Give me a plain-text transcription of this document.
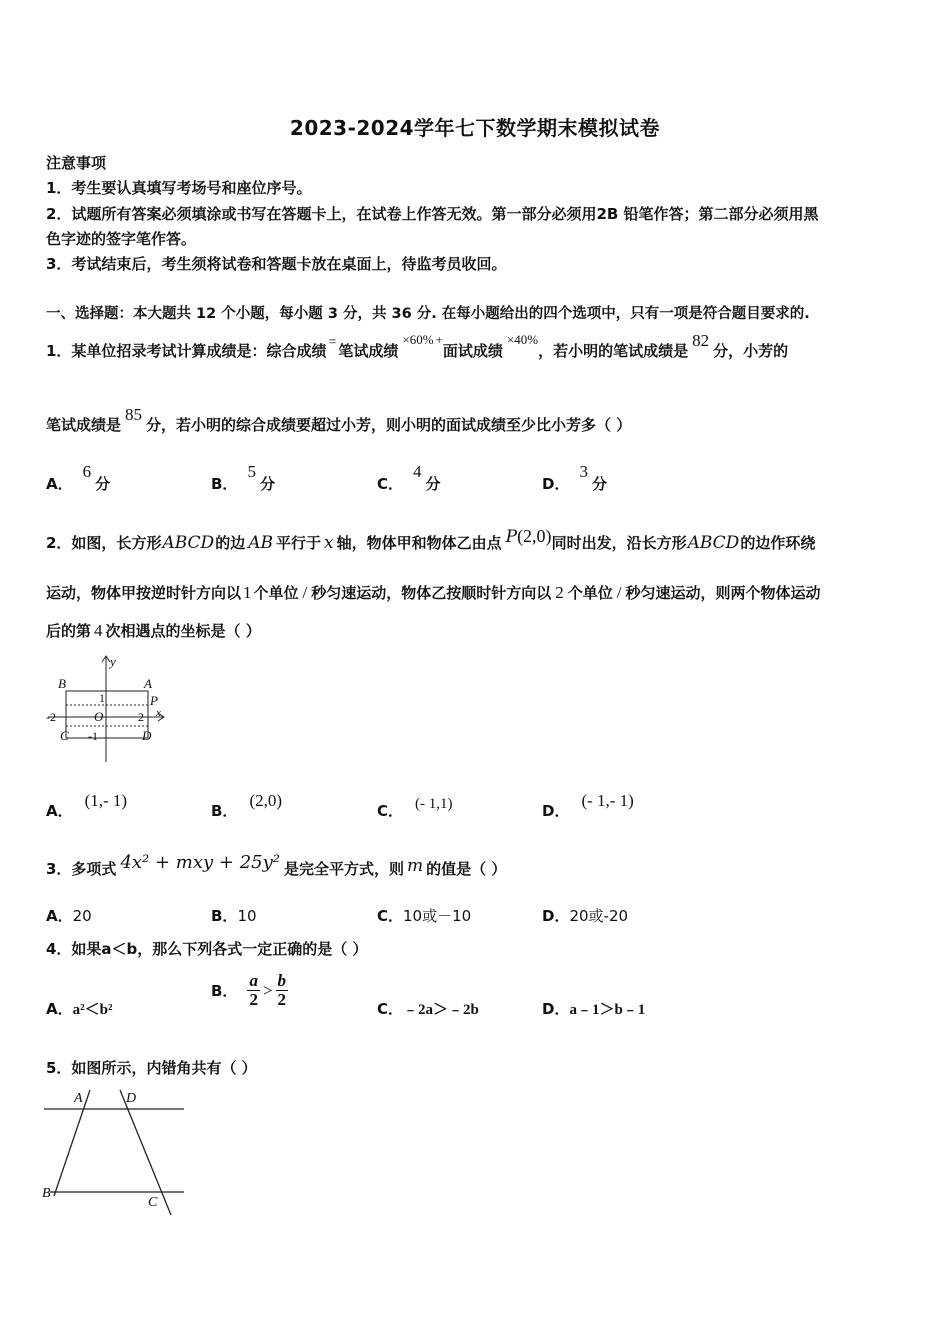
2023-2024学年七下数学期末模拟试卷
注意事项
1．考生要认真填写考场号和座位序号。
2．试题所有答案必须填涂或书写在答题卡上，在试卷上作答无效。第一部分必须用2B 铅笔作答；第二部分必须用黑
色字迹的签字笔作答。
3．考试结束后，考生须将试卷和答题卡放在桌面上，待监考员收回。
一、选择题：本大题共 12 个小题，每小题 3 分，共 36 分. 在每小题给出的四个选项中，只有一项是符合题目要求的.
1．某单位招录考试计算成绩是：综合成绩 = 笔试成绩×60% +面试成绩×40%，若小明的笔试成绩是82分，小芳的
笔试成绩是85分，若小明的综合成绩要超过小芳，则小明的面试成绩至少比小芳多（ ）
A．6分	B．5分	C．4分	D．3分
2．如图，长方形ABCD的边 AB 平行于 x 轴，物体甲和物体乙由点 P(2,0)同时出发，沿长方形ABCD的边作环绕
运动，物体甲按逆时针方向以 1 个单位 / 秒匀速运动，物体乙按顺时针方向以 2 个单位 / 秒匀速运动，则两个物体运动
后的第 4 次相遇点的坐标是（ ）
y
x
B	A
P
C	D
O
1
-1
2
-2
A．(1,- 1)
B．(2,0)
C． (- 1,1)	D．(- 1,- 1)
3．多项式 4x² + mxy + 25y² 是完全平方式，则 m 的值是（ ）
A．20	B．10	C．10或－10	D．20或-20
4．如果a＜b，那么下列各式一定正确的是（ ）
A．a²＜b²
B． $\frac{a}{2} > \frac{b}{2}$	C．﹣2a＞﹣2b	D．a﹣1＞b﹣1
5．如图所示，内错角共有（ ）
A	D
B
C
